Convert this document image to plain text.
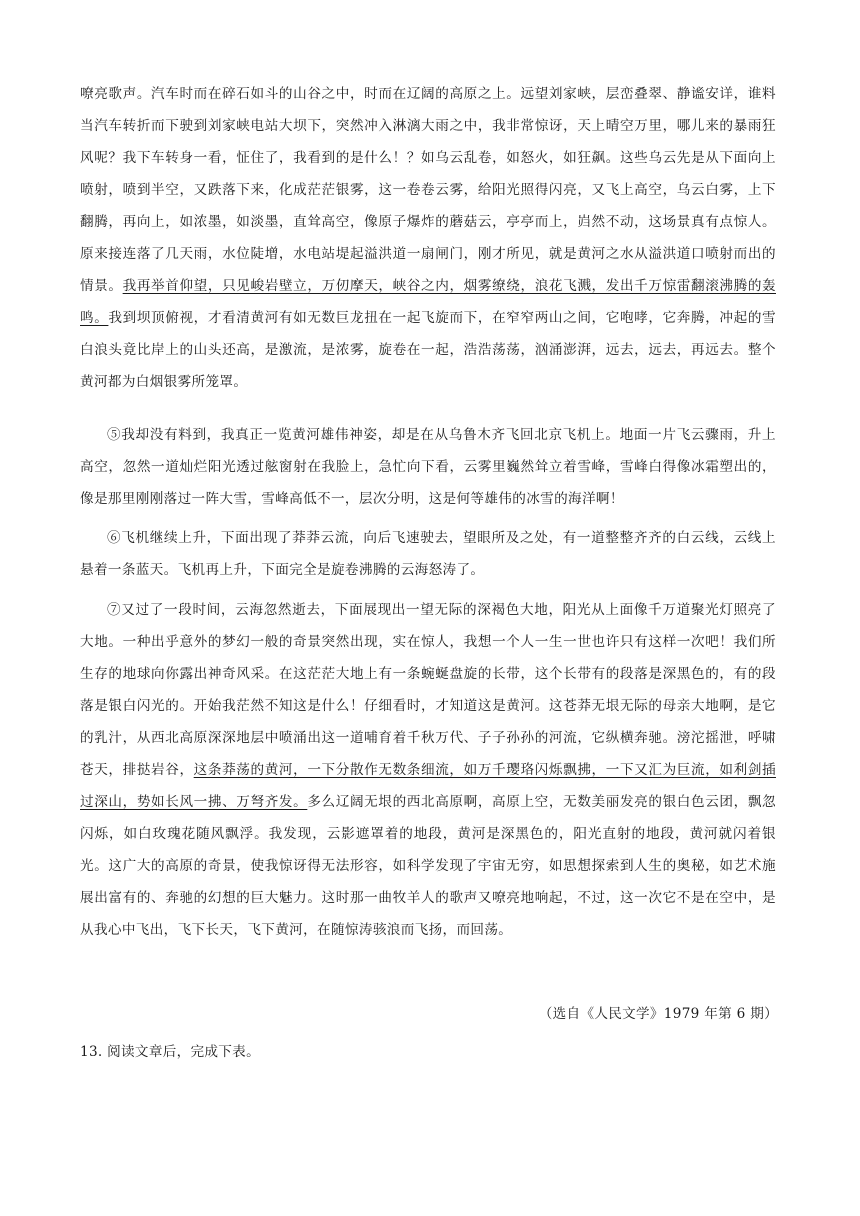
嘹亮歌声。汽车时而在碎石如斗的山谷之中，时而在辽阔的高原之上。远望刘家峡，层峦叠翠、静谧安详，谁料当汽车转折而下驶到刘家峡电站大坝下，突然冲入淋漓大雨之中，我非常惊讶，天上晴空万里，哪儿来的暴雨狂风呢？我下车转身一看，怔住了，我看到的是什么！？如乌云乱卷，如怒火，如狂飙。这些乌云先是从下面向上喷射，喷到半空，又跌落下来，化成茫茫银雾，这一卷卷云雾，给阳光照得闪亮，又飞上高空，乌云白雾，上下翻腾，再向上，如浓墨，如淡墨，直耸高空，像原子爆炸的蘑菇云，亭亭而上，岿然不动，这场景真有点惊人。原来接连落了几天雨，水位陡增，水电站堤起溢洪道一扇闸门，刚才所见，就是黄河之水从溢洪道口喷射而出的情景。我再举首仰望，只见峻岩壁立，万仞摩天，峡谷之内，烟雾缭绕，浪花飞溅，发出千万惊雷翻滚沸腾的轰鸣。我到坝顶俯视，才看清黄河有如无数巨龙扭在一起飞旋而下，在窄窄两山之间，它咆哮，它奔腾，冲起的雪白浪头竟比岸上的山头还高，是激流，是浓雾，旋卷在一起，浩浩荡荡，汹涌澎湃，远去，远去，再远去。整个黄河都为白烟银雾所笼罩。

⑤我却没有料到，我真正一览黄河雄伟神姿，却是在从乌鲁木齐飞回北京飞机上。地面一片飞云骤雨，升上高空，忽然一道灿烂阳光透过舷窗射在我脸上，急忙向下看，云雾里巍然耸立着雪峰，雪峰白得像冰霜塑出的，像是那里刚刚落过一阵大雪，雪峰高低不一，层次分明，这是何等雄伟的冰雪的海洋啊！

⑥飞机继续上升，下面出现了莽莽云流，向后飞速驶去，望眼所及之处，有一道整整齐齐的白云线，云线上悬着一条蓝天。飞机再上升，下面完全是旋卷沸腾的云海怒涛了。

⑦又过了一段时间，云海忽然逝去，下面展现出一望无际的深褐色大地，阳光从上面像千万道聚光灯照亮了大地。一种出乎意外的梦幻一般的奇景突然出现，实在惊人，我想一个人一生一世也许只有这样一次吧！我们所生存的地球向你露出神奇风采。在这茫茫大地上有一条蜿蜒盘旋的长带，这个长带有的段落是深黑色的，有的段落是银白闪光的。开始我茫然不知这是什么！仔细看时，才知道这是黄河。这苍莽无垠无际的母亲大地啊，是它的乳汁，从西北高原深深地层中喷涌出这一道哺育着千秋万代、子子孙孙的河流，它纵横奔驰。滂沱摇泄，呼啸苍天，排挞岩谷，这条莽荡的黄河，一下分散作无数条细流，如万千璎珞闪烁飘拂，一下又汇为巨流，如利剑插过深山，势如长风一拂、万弩齐发。多么辽阔无垠的西北高原啊，高原上空，无数美丽发亮的银白色云团，飘忽闪烁，如白玫瑰花随风飘浮。我发现，云影遮罩着的地段，黄河是深黑色的，阳光直射的地段，黄河就闪着银光。这广大的高原的奇景，使我惊讶得无法形容，如科学发现了宇宙无穷，如思想探索到人生的奥秘，如艺术施展出富有的、奔驰的幻想的巨大魅力。这时那一曲牧羊人的歌声又嘹亮地响起，不过，这一次它不是在空中，是从我心中飞出，飞下长天，飞下黄河，在随惊涛骇浪而飞扬，而回荡。

（选自《人民文学》1979 年第 6 期）
13. 阅读文章后，完成下表。
